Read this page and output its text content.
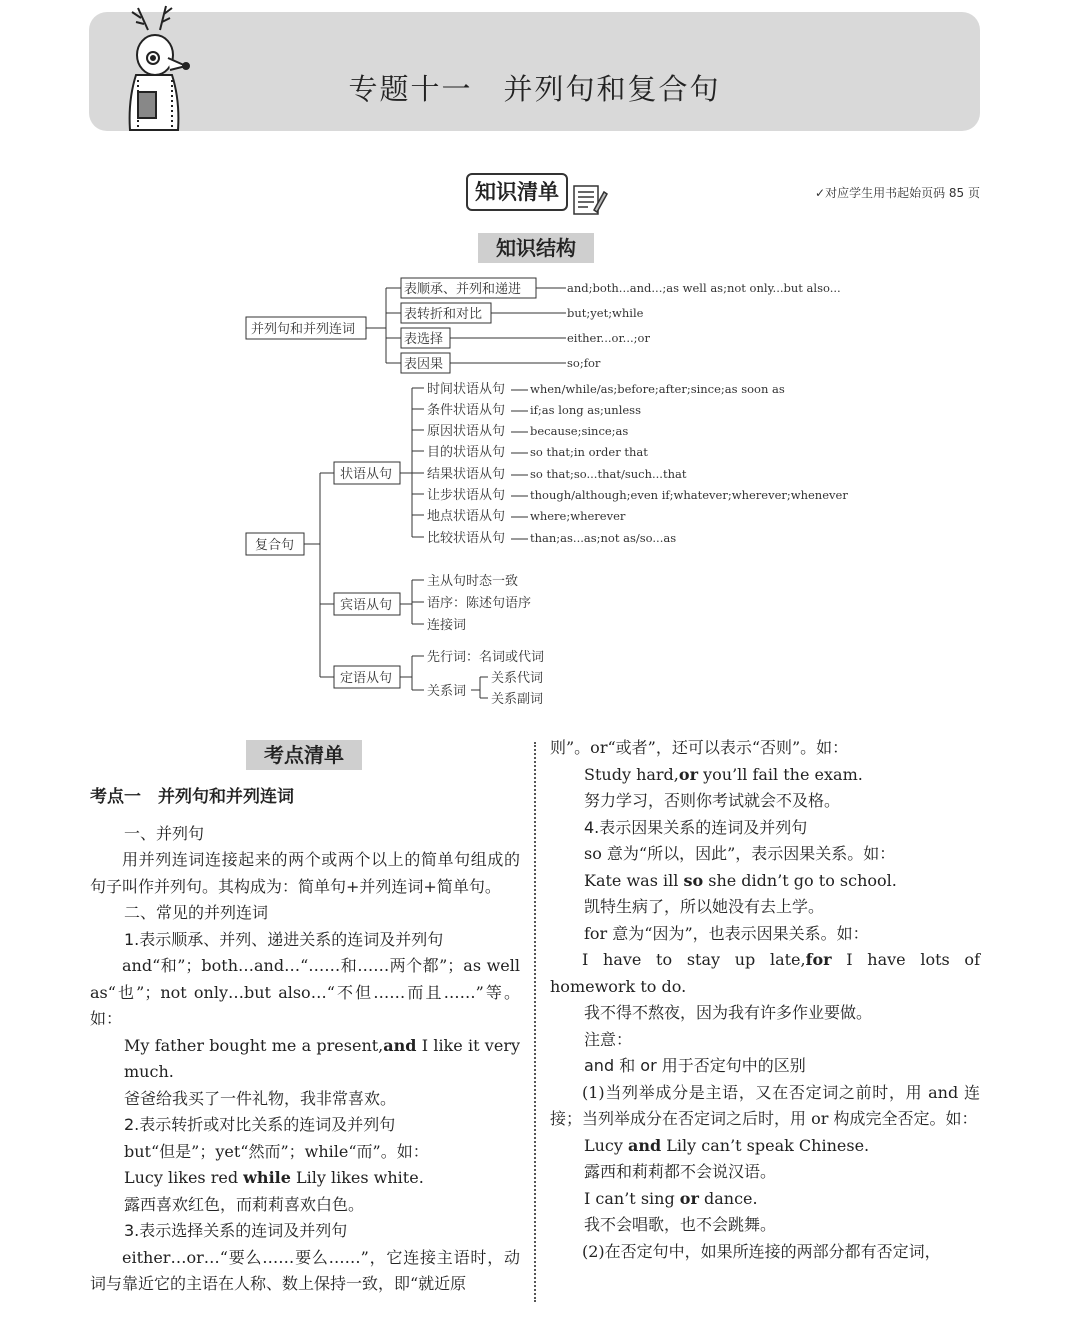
专题十一　并列句和复合句
知识清单	✓对应学生用书起始页码 85 页
知识结构
并列句和并列连词
表顺承、并列和递进
表转折和对比
表选择
表因果
and;both...and...;as well as;not only...but also...
but;yet;while
either...or...;or
so;for
复合句
状语从句
宾语从句
定语从句
时间状语从句
条件状语从句
原因状语从句
目的状语从句
结果状语从句
让步状语从句
地点状语从句
比较状语从句
when/while/as;before;after;since;as soon as
if;as long as;unless
because;since;as
so that;in order that
so that;so...that/such...that
though/although;even if;whatever;wherever;whenever
where;wherever
than;as...as;not as/so...as
主从句时态一致
语序：陈述句语序
连接词
先行词：名词或代词
关系词
关系代词
关系副词
考点清单

考点一　并列句和并列连词

一、并列句

用并列连词连接起来的两个或两个以上的简单句组成的句子叫作并列句。其构成为：简单句+并列连词+简单句。

二、常见的并列连词

1.表示顺承、并列、递进关系的连词及并列句

and“和”；both…and…“……和……两个都”；as well as“也”；not only…but also…“不但……而且……”等。如：

My father bought me a present,and I like it very much.

爸爸给我买了一件礼物，我非常喜欢。

2.表示转折或对比关系的连词及并列句

but“但是”；yet“然而”；while“而”。如：

Lucy likes red while Lily likes white.

露西喜欢红色，而莉莉喜欢白色。

3.表示选择关系的连词及并列句

either…or…“要么……要么……”，它连接主语时，动词与靠近它的主语在人称、数上保持一致，即“就近原

则”。or“或者”，还可以表示“否则”。如：

Study hard,or you’ll fail the exam.

努力学习，否则你考试就会不及格。

4.表示因果关系的连词及并列句

so 意为“所以，因此”，表示因果关系。如：

Kate was ill so she didn’t go to school.

凯特生病了，所以她没有去上学。

for 意为“因为”，也表示因果关系。如：

I have to stay up late,for I have lots of homework to do.

我不得不熬夜，因为我有许多作业要做。

注意：

and 和 or 用于否定句中的区别

(1)当列举成分是主语，又在否定词之前时，用 and 连接；当列举成分在否定词之后时，用 or 构成完全否定。如：

Lucy and Lily can’t speak Chinese.

露西和莉莉都不会说汉语。

I can’t sing or dance.

我不会唱歌，也不会跳舞。

(2)在否定句中，如果所连接的两部分都有否定词，
